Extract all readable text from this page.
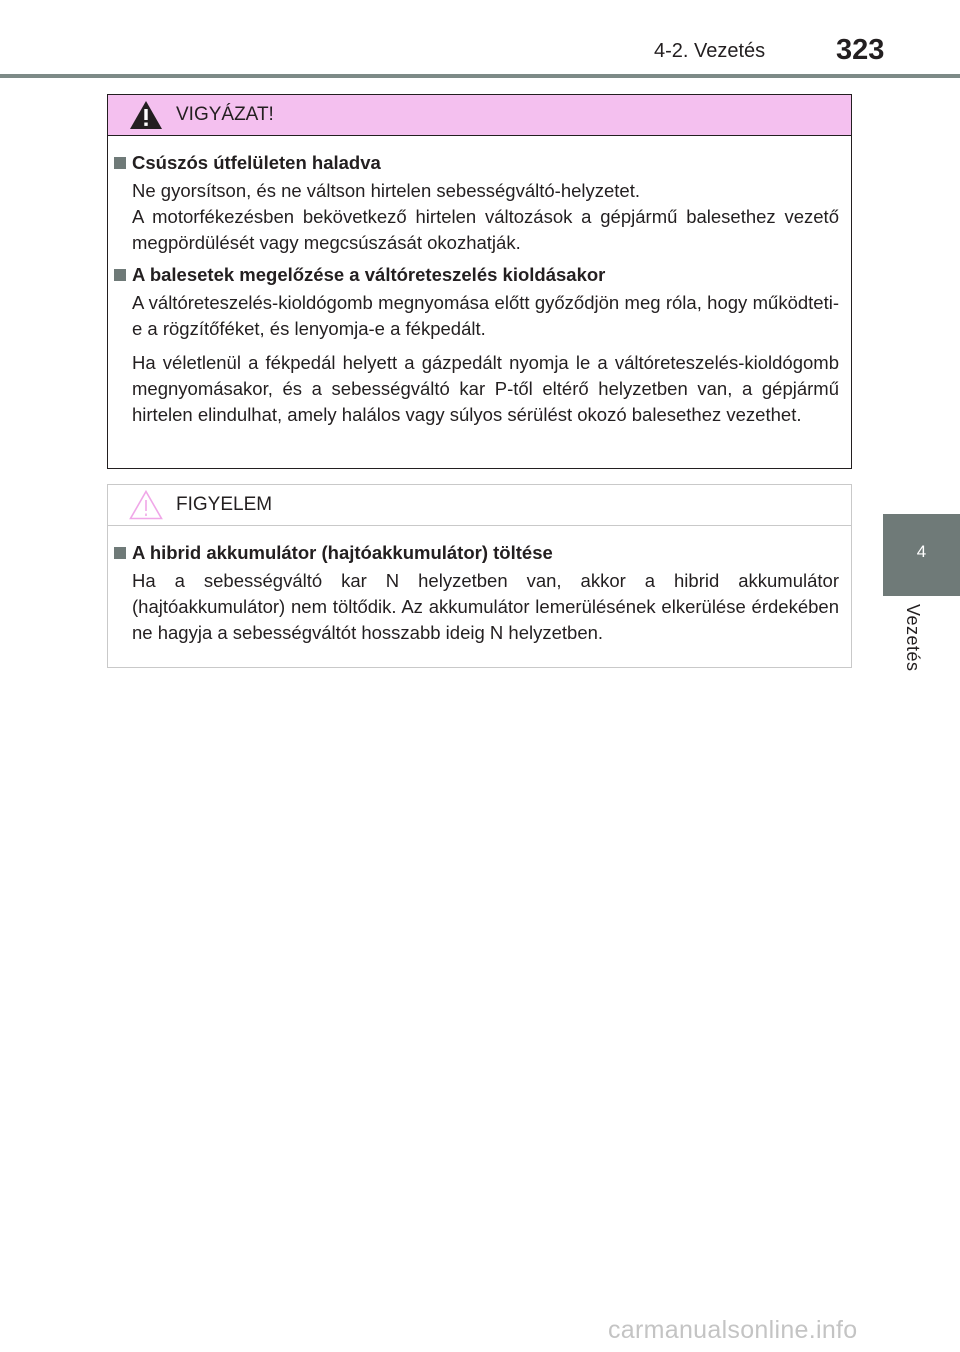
4-2. Vezetés 323
4
Vezetés
VIGYÁZAT!
Csúszós útfelületen haladva
Ne gyorsítson, és ne váltson hirtelen sebességváltó-helyzetet.
A motorfékezésben bekövetkező hirtelen változások a gépjármű balesethez vezető megpördülését vagy megcsúszását okozhatják.
A balesetek megelőzése a váltóreteszelés kioldásakor
A váltóreteszelés-kioldógomb megnyomása előtt győződjön meg róla, hogy működteti-e a rögzítőféket, és lenyomja-e a fékpedált.
Ha véletlenül a fékpedál helyett a gázpedált nyomja le a váltóreteszelés-kioldógomb megnyomásakor, és a sebességváltó kar P-től eltérő helyzetben van, a gépjármű hirtelen elindulhat, amely halálos vagy súlyos sérülést okozó balesethez vezethet.
FIGYELEM
A hibrid akkumulátor (hajtóakkumulátor) töltése
Ha a sebességváltó kar N helyzetben van, akkor a hibrid akkumulátor (hajtóakkumulátor) nem töltődik. Az akkumulátor lemerülésének elkerülése érdekében ne hagyja a sebességváltót hosszabb ideig N helyzetben.
carmanualsonline.info
